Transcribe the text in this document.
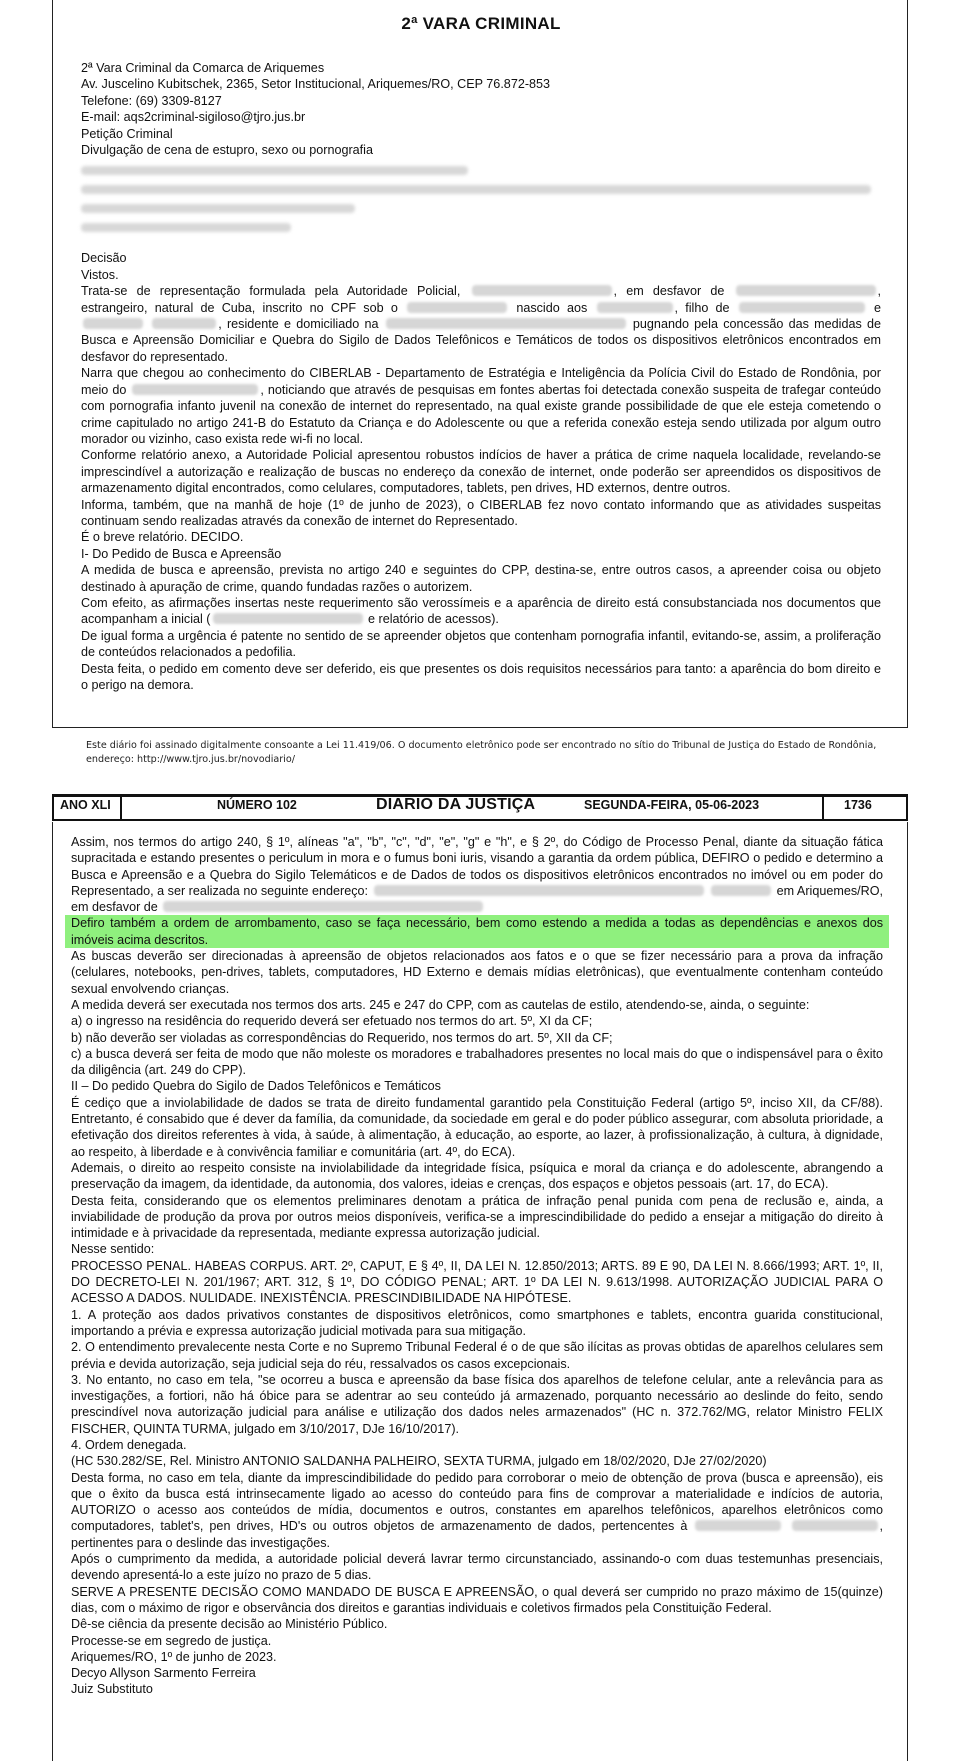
2ª VARA CRIMINAL

2ª Vara Criminal da Comarca de Ariquemes

Av. Juscelino Kubitschek, 2365, Setor Institucional, Ariquemes/RO, CEP 76.872-853

Telefone: (69) 3309-8127

E-mail: aqs2criminal-sigiloso@tjro.jus.br

Petição Criminal

Divulgação de cena de estupro, sexo ou pornografia

Decisão

Vistos.

Trata-se de representação formulada pela Autoridade Policial,	, em desfavor de	, estrangeiro, natural de Cuba, inscrito no CPF sob o	nascido aos	, filho de	e  , residente e domiciliado na	pugnando pela concessão das medidas de Busca e Apreensão Domiciliar e Quebra do Sigilo de Dados Telefônicos e Temáticos de todos os dispositivos eletrônicos encontrados em desfavor do representado.

Narra que chegou ao conhecimento do CIBERLAB - Departamento de Estratégia e Inteligência da Polícia Civil do Estado de Rondônia, por meio do	, noticiando que através de pesquisas em fontes abertas foi detectada conexão suspeita de trafegar conteúdo com pornografia infanto juvenil na conexão de internet do representado, na qual existe grande possibilidade de que ele esteja cometendo o crime capitulado no artigo 241-B do Estatuto da Criança e do Adolescente ou que a referida conexão esteja sendo utilizada por algum outro morador ou vizinho, caso exista rede wi-fi no local.

Conforme relatório anexo, a Autoridade Policial apresentou robustos indícios de haver a prática de crime naquela localidade, revelando-se imprescindível a autorização e realização de buscas no endereço da conexão de internet, onde poderão ser apreendidos os dispositivos de armazenamento digital encontrados, como celulares, computadores, tablets, pen drives, HD externos, dentre outros.

Informa, também, que na manhã de hoje (1º de junho de 2023), o CIBERLAB fez novo contato informando que as atividades suspeitas continuam sendo realizadas através da conexão de internet do Representado.

É o breve relatório. DECIDO.

I- Do Pedido de Busca e Apreensão

A medida de busca e apreensão, prevista no artigo 240 e seguintes do CPP, destina-se, entre outros casos, a apreender coisa ou objeto destinado à apuração de crime, quando fundadas razões o autorizem.

Com efeito, as afirmações insertas neste requerimento são verossímeis e a aparência de direito está consubstanciada nos documentos que acompanham a inicial (	e relatório de acessos).

De igual forma a urgência é patente no sentido de se apreender objetos que contenham pornografia infantil, evitando-se, assim, a proliferação de conteúdos relacionados a pedofilia.

Desta feita, o pedido em comento deve ser deferido, eis que presentes os dois requisitos necessários para tanto: a aparência do bom direito e o perigo na demora.

Este diário foi assinado digitalmente consoante a Lei 11.419/06. O documento eletrônico pode ser encontrado no sítio do Tribunal de Justiça do Estado de Rondônia, endereço: http://www.tjro.jus.br/novodiario/
ANO XLI	NÚMERO 102	DIARIO DA JUSTIÇA	SEGUNDA-FEIRA, 05-06-2023	1736

Assim, nos termos do artigo 240, § 1º, alíneas "a", "b", "c", "d", "e", "g" e "h", e § 2º, do Código de Processo Penal, diante da situação fática supracitada e estando presentes o periculum in mora e o fumus boni iuris, visando a garantia da ordem pública, DEFIRO o pedido e determino a Busca e Apreensão e a Quebra do Sigilo Telemáticos e de Dados de todos os dispositivos eletrônicos encontrados no imóvel ou em poder do Representado, a ser realizada no seguinte endereço:	em Ariquemes/RO, em desfavor de

Defiro também a ordem de arrombamento, caso se faça necessário, bem como estendo a medida a todas as dependências e anexos dos imóveis acima descritos.

As buscas deverão ser direcionadas à apreensão de objetos relacionados aos fatos e o que se fizer necessário para a prova da infração (celulares, notebooks, pen-drives, tablets, computadores, HD Externo e demais mídias eletrônicas), que eventualmente contenham conteúdo sexual envolvendo crianças.

A medida deverá ser executada nos termos dos arts. 245 e 247 do CPP, com as cautelas de estilo, atendendo-se, ainda, o seguinte:

a) o ingresso na residência do requerido deverá ser efetuado nos termos do art. 5º, XI da CF;

b) não deverão ser violadas as correspondências do Requerido, nos termos do art. 5º, XII da CF;

c) a busca deverá ser feita de modo que não moleste os moradores e trabalhadores presentes no local mais do que o indispensável para o êxito da diligência (art. 249 do CPP).

II – Do pedido Quebra do Sigilo de Dados Telefônicos e Temáticos

É cediço que a inviolabilidade de dados se trata de direito fundamental garantido pela Constituição Federal (artigo 5º, inciso XII, da CF/88). Entretanto, é consabido que é dever da família, da comunidade, da sociedade em geral e do poder público assegurar, com absoluta prioridade, a efetivação dos direitos referentes à vida, à saúde, à alimentação, à educação, ao esporte, ao lazer, à profissionalização, à cultura, à dignidade, ao respeito, à liberdade e à convivência familiar e comunitária (art. 4º, do ECA).

Ademais, o direito ao respeito consiste na inviolabilidade da integridade física, psíquica e moral da criança e do adolescente, abrangendo a preservação da imagem, da identidade, da autonomia, dos valores, ideias e crenças, dos espaços e objetos pessoais (art. 17, do ECA).

Desta feita, considerando que os elementos preliminares denotam a prática de infração penal punida com pena de reclusão e, ainda, a inviabilidade de produção da prova por outros meios disponíveis, verifica-se a imprescindibilidade do pedido a ensejar a mitigação do direito à intimidade e à privacidade da representada, mediante expressa autorização judicial.

Nesse sentido:

PROCESSO PENAL. HABEAS CORPUS. ART. 2º, CAPUT, E § 4º, II, DA LEI N. 12.850/2013; ARTS. 89 E 90, DA LEI N. 8.666/1993; ART. 1º, II, DO DECRETO-LEI N. 201/1967; ART. 312, § 1º, DO CÓDIGO PENAL; ART. 1º DA LEI N. 9.613/1998. AUTORIZAÇÃO JUDICIAL PARA O ACESSO A DADOS. NULIDADE. INEXISTÊNCIA. PRESCINDIBILIDADE NA HIPÓTESE.

1. A proteção aos dados privativos constantes de dispositivos eletrônicos, como smartphones e tablets, encontra guarida constitucional, importando a prévia e expressa autorização judicial motivada para sua mitigação.

2. O entendimento prevalecente nesta Corte e no Supremo Tribunal Federal é o de que são ilícitas as provas obtidas de aparelhos celulares sem prévia e devida autorização, seja judicial seja do réu, ressalvados os casos excepcionais.

3. No entanto, no caso em tela, "se ocorreu a busca e apreensão da base física dos aparelhos de telefone celular, ante a relevância para as investigações, a fortiori, não há óbice para se adentrar ao seu conteúdo já armazenado, porquanto necessário ao deslinde do feito, sendo prescindível nova autorização judicial para análise e utilização dos dados neles armazenados" (HC n. 372.762/MG, relator Ministro FELIX FISCHER, QUINTA TURMA, julgado em 3/10/2017, DJe 16/10/2017).

4. Ordem denegada.

(HC 530.282/SE, Rel. Ministro ANTONIO SALDANHA PALHEIRO, SEXTA TURMA, julgado em 18/02/2020, DJe 27/02/2020)

Desta forma, no caso em tela, diante da imprescindibilidade do pedido para corroborar o meio de obtenção de prova (busca e apreensão), eis que o êxito da busca está intrinsecamente ligado ao acesso do conteúdo para fins de comprovar a materialidade e indícios de autoria, AUTORIZO o acesso aos conteúdos de mídia, documentos e outros, constantes em aparelhos telefônicos, aparelhos eletrônicos como computadores, tablet's, pen drives, HD's ou outros objetos de armazenamento de dados, pertencentes à	, pertinentes para o deslinde das investigações.

Após o cumprimento da medida, a autoridade policial deverá lavrar termo circunstanciado, assinando-o com duas testemunhas presenciais, devendo apresentá-lo a este juízo no prazo de 5 dias.

SERVE A PRESENTE DECISÃO COMO MANDADO DE BUSCA E APREENSÃO, o qual deverá ser cumprido no prazo máximo de 15(quinze) dias, com o máximo de rigor e observância dos direitos e garantias individuais e coletivos firmados pela Constituição Federal.

Dê-se ciência da presente decisão ao Ministério Público.

Processe-se em segredo de justiça.

Ariquemes/RO, 1º de junho de 2023.

Decyo Allyson Sarmento Ferreira

Juiz Substituto
